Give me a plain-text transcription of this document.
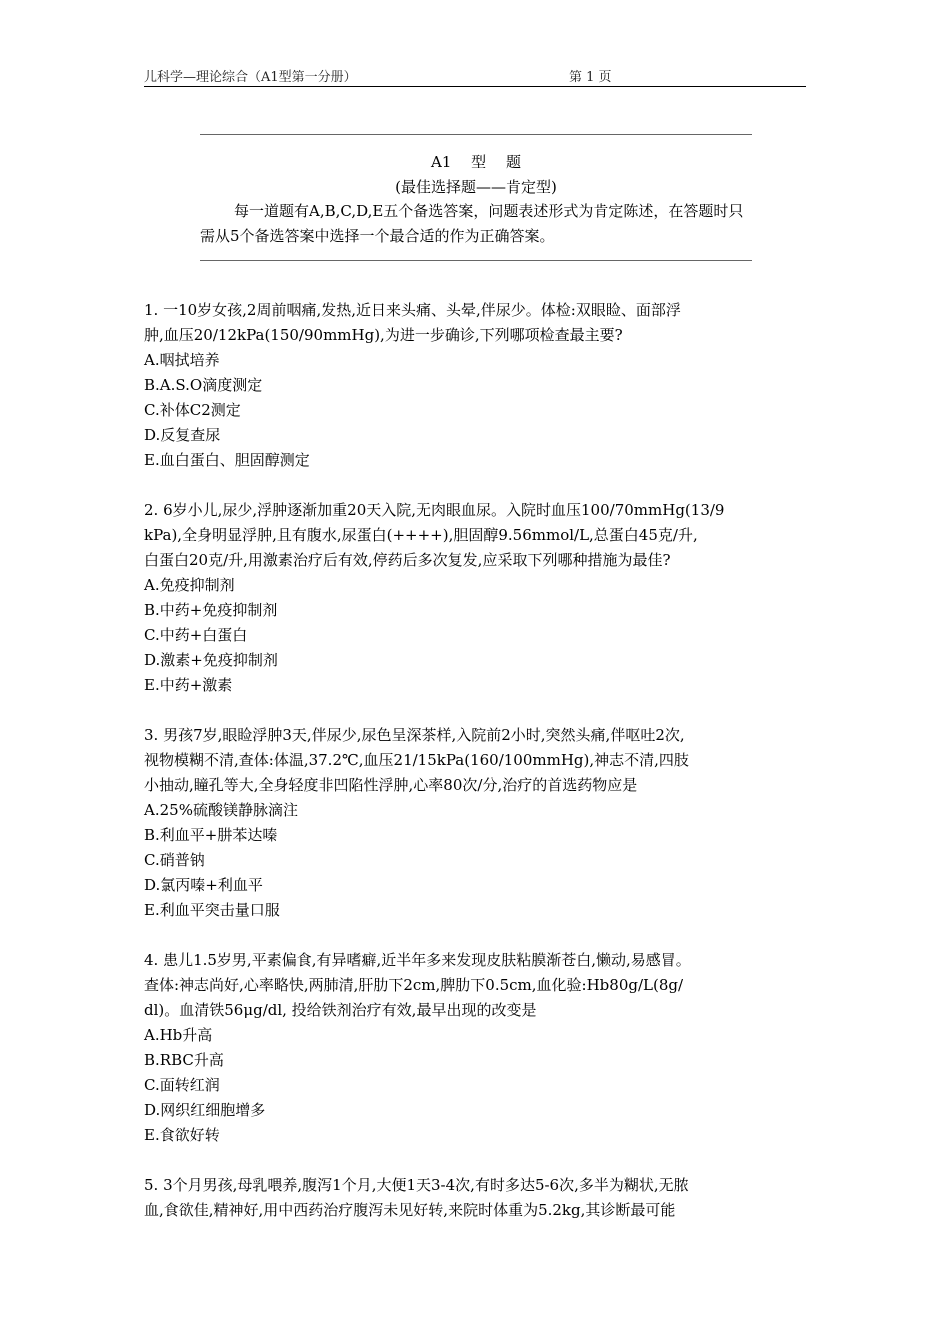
儿科学—理论综合（A1型第一分册）	第 1 页
A1　 型　 题
(最佳选择题——肯定型)
每一道题有A,B,C,D,E五个备选答案，问题表述形式为肯定陈述，在答题时只需从5个备选答案中选择一个最合适的作为正确答案。
1. 一10岁女孩,2周前咽痛,发热,近日来头痛、头晕,伴尿少。体检:双眼睑、面部浮
肿,血压20/12kPa(150/90mmHg),为进一步确诊,下列哪项检查最主要?
A.咽拭培养
B.A.S.O滴度测定
C.补体C2测定
D.反复查尿
E.血白蛋白、胆固醇测定
2. 6岁小儿,尿少,浮肿逐渐加重20天入院,无肉眼血尿。入院时血压100/70mmHg(13/9
kPa),全身明显浮肿,且有腹水,尿蛋白(++++),胆固醇9.56mmol/L,总蛋白45克/升,
白蛋白20克/升,用激素治疗后有效,停药后多次复发,应采取下列哪种措施为最佳?
A.免疫抑制剂
B.中药+免疫抑制剂
C.中药+白蛋白
D.激素+免疫抑制剂
E.中药+激素
3. 男孩7岁,眼睑浮肿3天,伴尿少,尿色呈深茶样,入院前2小时,突然头痛,伴呕吐2次,
视物模糊不清,查体:体温,37.2℃,血压21/15kPa(160/100mmHg),神志不清,四肢
小抽动,瞳孔等大,全身轻度非凹陷性浮肿,心率80次/分,治疗的首选药物应是
A.25%硫酸镁静脉滴注
B.利血平+肼苯达嗪
C.硝普钠
D.氯丙嗪+利血平
E.利血平突击量口服
4. 患儿1.5岁男,平素偏食,有异嗜癖,近半年多来发现皮肤粘膜渐苍白,懒动,易感冒。
查体:神志尚好,心率略快,两肺清,肝肋下2cm,脾肋下0.5cm,血化验:Hb80g/L(8g/
dl)。血清铁56μg/dl, 投给铁剂治疗有效,最早出现的改变是
A.Hb升高
B.RBC升高
C.面转红润
D.网织红细胞增多
E.食欲好转
5. 3个月男孩,母乳喂养,腹泻1个月,大便1天3-4次,有时多达5-6次,多半为糊状,无脓
血,食欲佳,精神好,用中西药治疗腹泻未见好转,来院时体重为5.2kg,其诊断最可能
